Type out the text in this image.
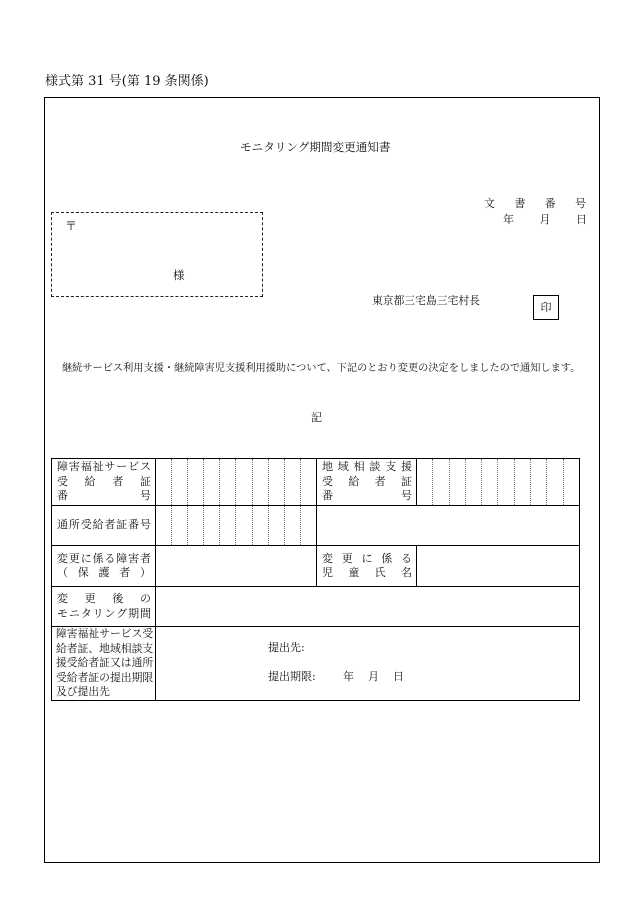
様式第 31 号(第 19 条関係)
モニタリング期間変更通知書
文書番号
年 月 日
〒
様
東京都三宅島三宅村長	印
継続サービス利用支援・継続障害児支援利用援助について、下記のとおり変更の決定をしましたので通知します。
記
障害福祉サービス
受給者証
番号
地域相談支援
受給者証
番号
通所受給者証番号
変更に係る障害者
（保護者）
変更に係る
児童氏名
変更後の
モニタリング期間
障害福祉サービス受
給者証、地域相談支
援受給者証又は通所
受給者証の提出期限
及び提出先
提出先:
提出期限: 年 月 日
